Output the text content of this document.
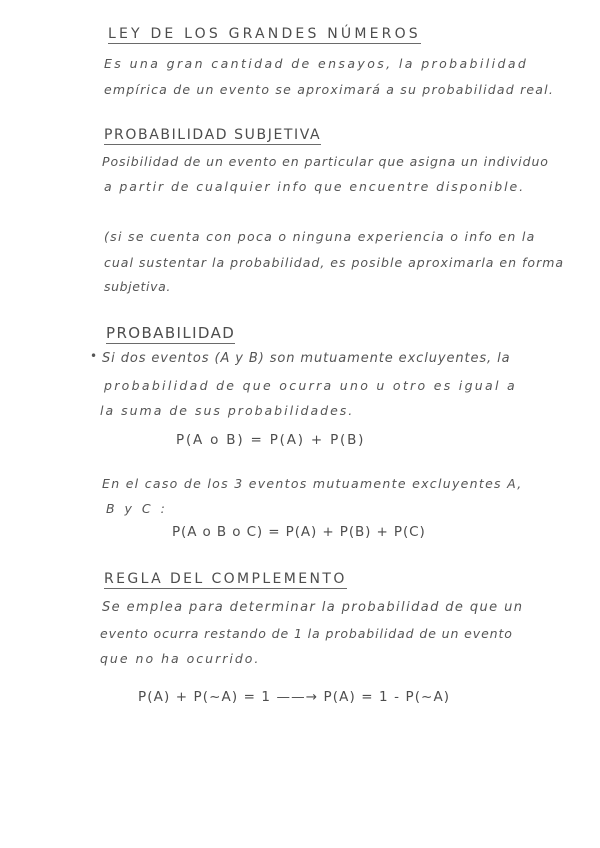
LEY DE LOS GRANDES NÚMEROS
Es una gran cantidad de ensayos, la probabilidad
empírica de un evento se aproximará a su probabilidad real.
PROBABILIDAD SUBJETIVA
Posibilidad de un evento en particular que asigna un individuo
a partir de cualquier info que encuentre disponible.
(si se cuenta con poca o ninguna experiencia o info en la
cual sustentar la probabilidad, es posible aproximarla en forma
subjetiva.
PROBABILIDAD
• Si dos eventos (A y B) son mutuamente excluyentes, la
probabilidad de que ocurra uno u otro es igual a
la suma de sus probabilidades.
P(A o B) = P(A) + P(B)
En el caso de los 3 eventos mutuamente excluyentes A,
B y C :
P(A o B o C) = P(A) + P(B) + P(C)
REGLA DEL COMPLEMENTO
Se emplea para determinar la probabilidad de que un
evento ocurra restando de 1 la probabilidad de un evento
que no ha ocurrido.
P(A) + P(~A) = 1 ——→ P(A) = 1 - P(~A)
